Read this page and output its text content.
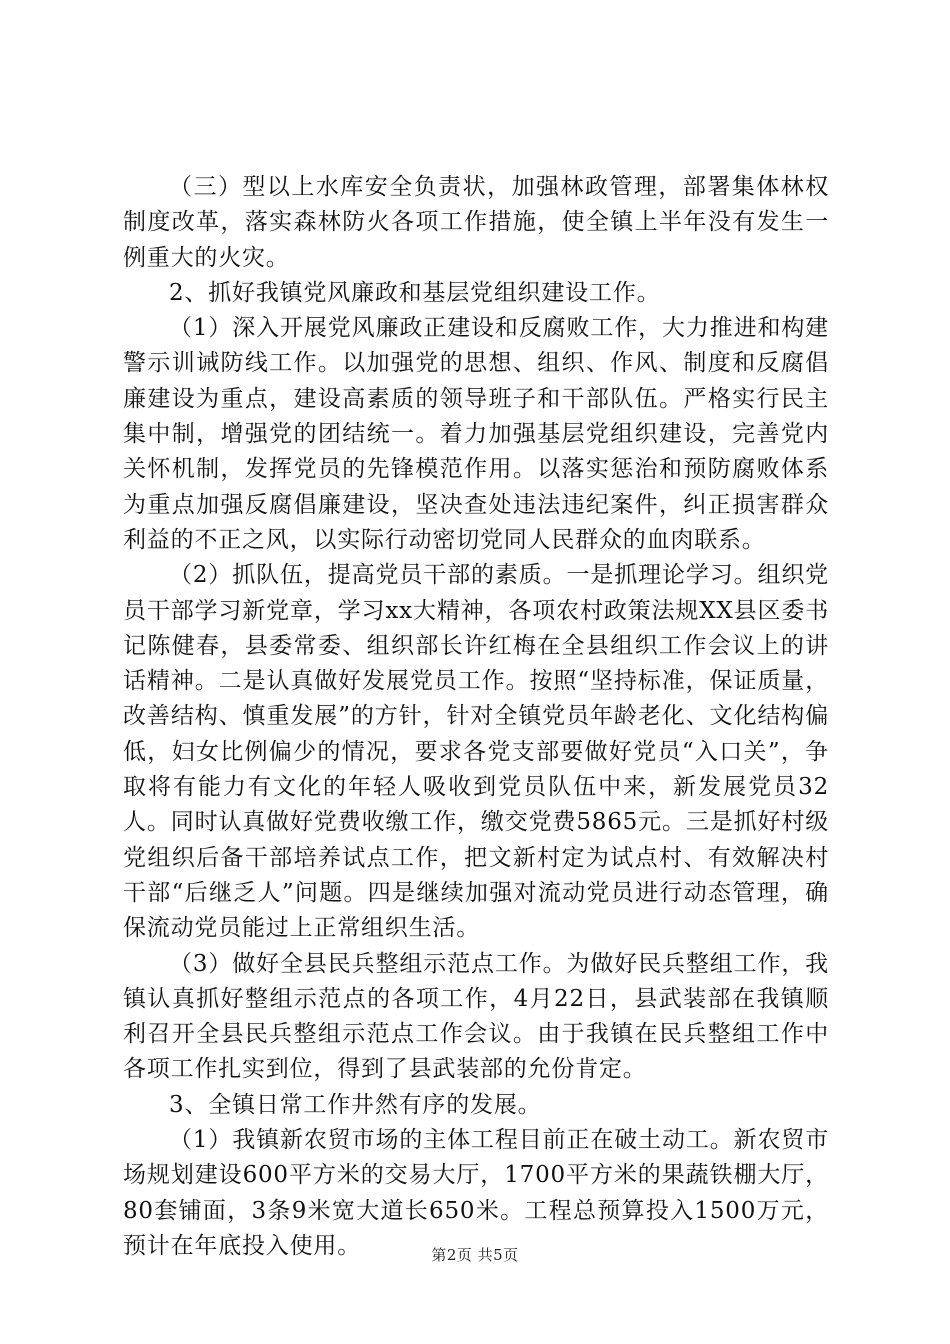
（三）型以上水库安全负责状，加强林政管理，部署集体林权制度改革，落实森林防火各项工作措施，使全镇上半年没有发生一例重大的火灾。

2、抓好我镇党风廉政和基层党组织建设工作。

（1）深入开展党风廉政正建设和反腐败工作，大力推进和构建警示训诫防线工作。以加强党的思想、组织、作风、制度和反腐倡廉建设为重点，建设高素质的领导班子和干部队伍。严格实行民主集中制，增强党的团结统一。着力加强基层党组织建设，完善党内关怀机制，发挥党员的先锋模范作用。以落实惩治和预防腐败体系为重点加强反腐倡廉建设，坚决查处违法违纪案件，纠正损害群众利益的不正之风，以实际行动密切党同人民群众的血肉联系。

（2）抓队伍，提高党员干部的素质。一是抓理论学习。组织党员干部学习新党章，学习xx大精神，各项农村政策法规XX县区委书记陈健春，县委常委、组织部长许红梅在全县组织工作会议上的讲话精神。二是认真做好发展党员工作。按照“坚持标准，保证质量，改善结构、慎重发展”的方针，针对全镇党员年龄老化、文化结构偏低，妇女比例偏少的情况，要求各党支部要做好党员“入口关”，争取将有能力有文化的年轻人吸收到党员队伍中来，新发展党员32人。同时认真做好党费收缴工作，缴交党费5865元。三是抓好村级党组织后备干部培养试点工作，把文新村定为试点村、有效解决村干部“后继乏人”问题。四是继续加强对流动党员进行动态管理，确保流动党员能过上正常组织生活。

（3）做好全县民兵整组示范点工作。为做好民兵整组工作，我镇认真抓好整组示范点的各项工作，4月22日，县武装部在我镇顺利召开全县民兵整组示范点工作会议。由于我镇在民兵整组工作中各项工作扎实到位，得到了县武装部的允份肯定。

3、全镇日常工作井然有序的发展。

（1）我镇新农贸市场的主体工程目前正在破土动工。新农贸市场规划建设600平方米的交易大厅，1700平方米的果蔬铁棚大厅，80套铺面，3条9米宽大道长650米。工程总预算投入1500万元，预计在年底投入使用。	第2页 共5页
